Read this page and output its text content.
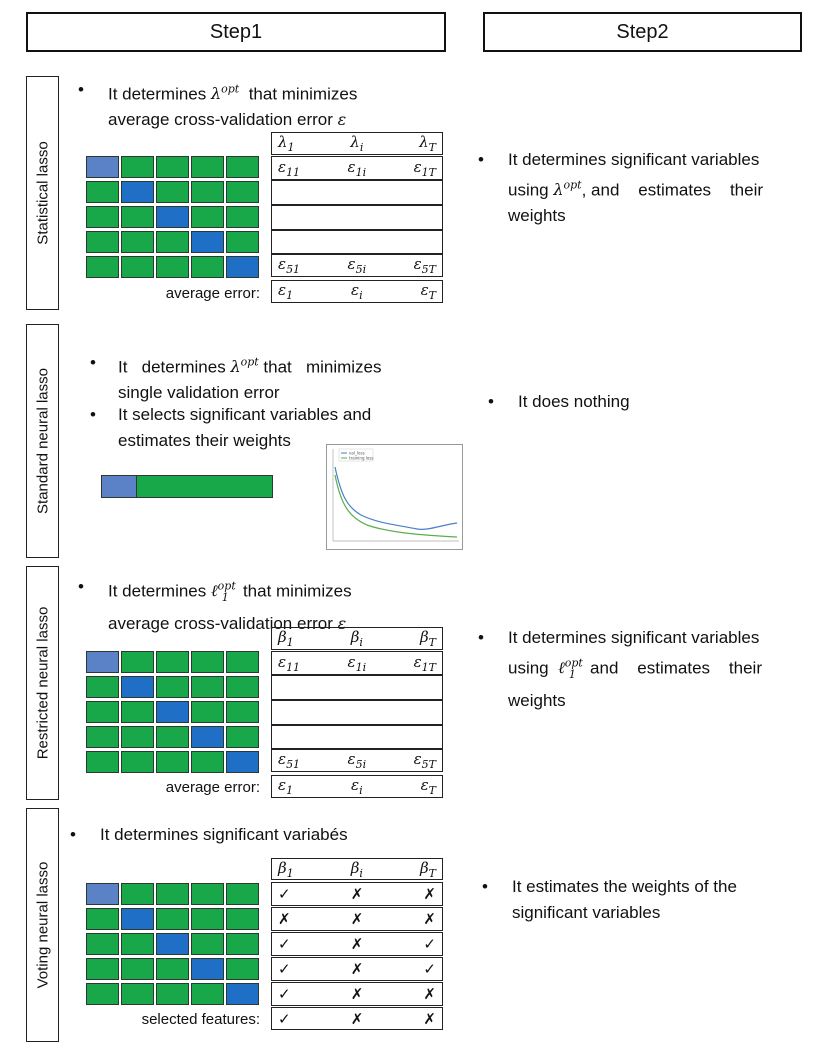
Step1	Step2
Statistical lasso
• It determines $\lambda^{opt}$ that minimizes
average cross-validation error ε
$\lambda_1$	$\lambda_i$	$\lambda_T$
$\varepsilon_{11}$	$\varepsilon_{1i}$	$\varepsilon_{1T}$
$\varepsilon_{51}$	$\varepsilon_{5i}$	$\varepsilon_{5T}$
$\varepsilon_1$	$\varepsilon_i$	$\varepsilon_T$
average error:
• It determines significant variables
using $\lambda^{opt}$, and    estimates    their
weights
Standard neural lasso
• It   determines $\lambda^{opt}$ that   minimizes
single validation error
• It selects significant variables and
estimates their weights
val_loss
training loss
• It does nothing
Restricted neural lasso
• It determines ℓ$^{opt}_1$ that minimizes
average cross-validation error ε
$\beta_1$	$\beta_i$	$\beta_T$
$\varepsilon_{11}$	$\varepsilon_{1i}$	$\varepsilon_{1T}$
$\varepsilon_{51}$	$\varepsilon_{5i}$	$\varepsilon_{5T}$
$\varepsilon_1$	$\varepsilon_i$	$\varepsilon_T$
average error:
• It determines significant variables
using ℓ$^{opt}_1$ and    estimates    their
weights
Voting neural lasso
• It determines significant variabés
$\beta_1$	$\beta_i$	$\beta_T$
✓	✗	✗
✗	✗	✗
✓	✗	✓
✓	✗	✓
✓	✗	✗
✓	✗	✗
selected features:
• It estimates the weights of the
significant variables
